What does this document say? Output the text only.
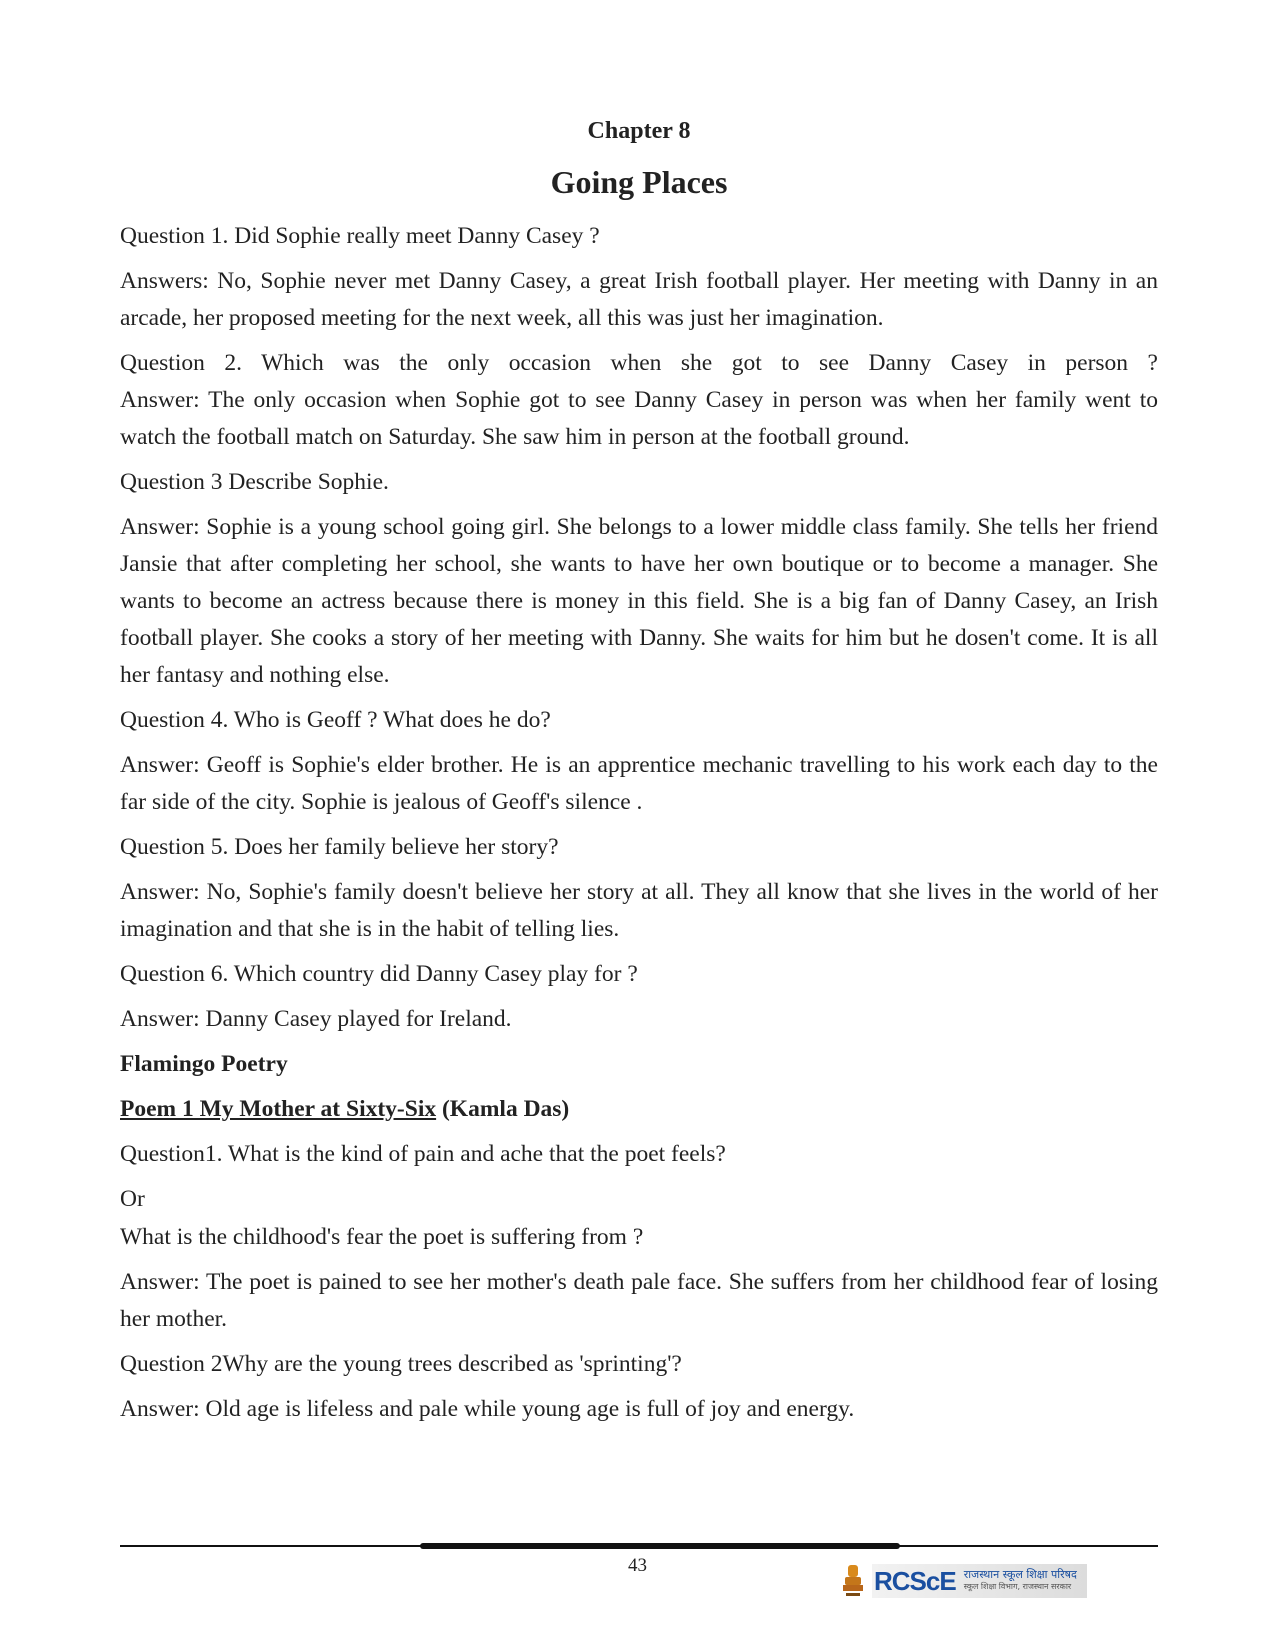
Chapter 8
Going Places

Question 1. Did Sophie really meet Danny Casey ?

Answers: No, Sophie never met Danny Casey, a great Irish football player. Her meeting with Danny in an arcade, her proposed meeting for the next week, all this was just her imagination.

Question 2. Which was the only occasion when she got to see Danny Casey in person ?

Answer: The only occasion when Sophie got to see Danny Casey in person was when her family went to watch the football match on Saturday. She saw him in person at the football ground.

Question 3 Describe Sophie.

Answer: Sophie is a young school going girl. She belongs to a lower middle class family. She tells her friend Jansie that after completing her school, she wants to have her own boutique or to become a manager. She wants to become an actress because there is money in this field. She is a big fan of Danny Casey, an Irish football player. She cooks a story of her meeting with Danny. She waits for him but he dosen't come. It is all her fantasy and nothing else.

Question 4. Who is Geoff ? What does he do?

Answer: Geoff is Sophie's elder brother. He is an apprentice mechanic travelling to his work each day to the far side of the city. Sophie is jealous of Geoff's silence .

Question 5. Does her family believe her story?

Answer: No, Sophie's family doesn't believe her story at all. They all know that she lives in the world of her imagination and that she is in the habit of telling lies.

Question 6. Which country did Danny Casey play for ?

Answer: Danny Casey played for Ireland.

Flamingo Poetry

Poem 1 My Mother at Sixty-Six (Kamla Das)

Question1. What is the kind of pain and ache that the poet feels?

Or

What is the childhood's fear the poet is suffering from ?

Answer: The poet is pained to see her mother's death pale face. She suffers from her childhood fear of losing her mother.

Question 2Why are the young trees described as 'sprinting'?

Answer: Old age is lifeless and pale while young age is full of joy and energy.

43	RCScE राजस्थान स्कूल शिक्षा परिषद
स्कूल शिक्षा विभाग, राजस्थान सरकार
